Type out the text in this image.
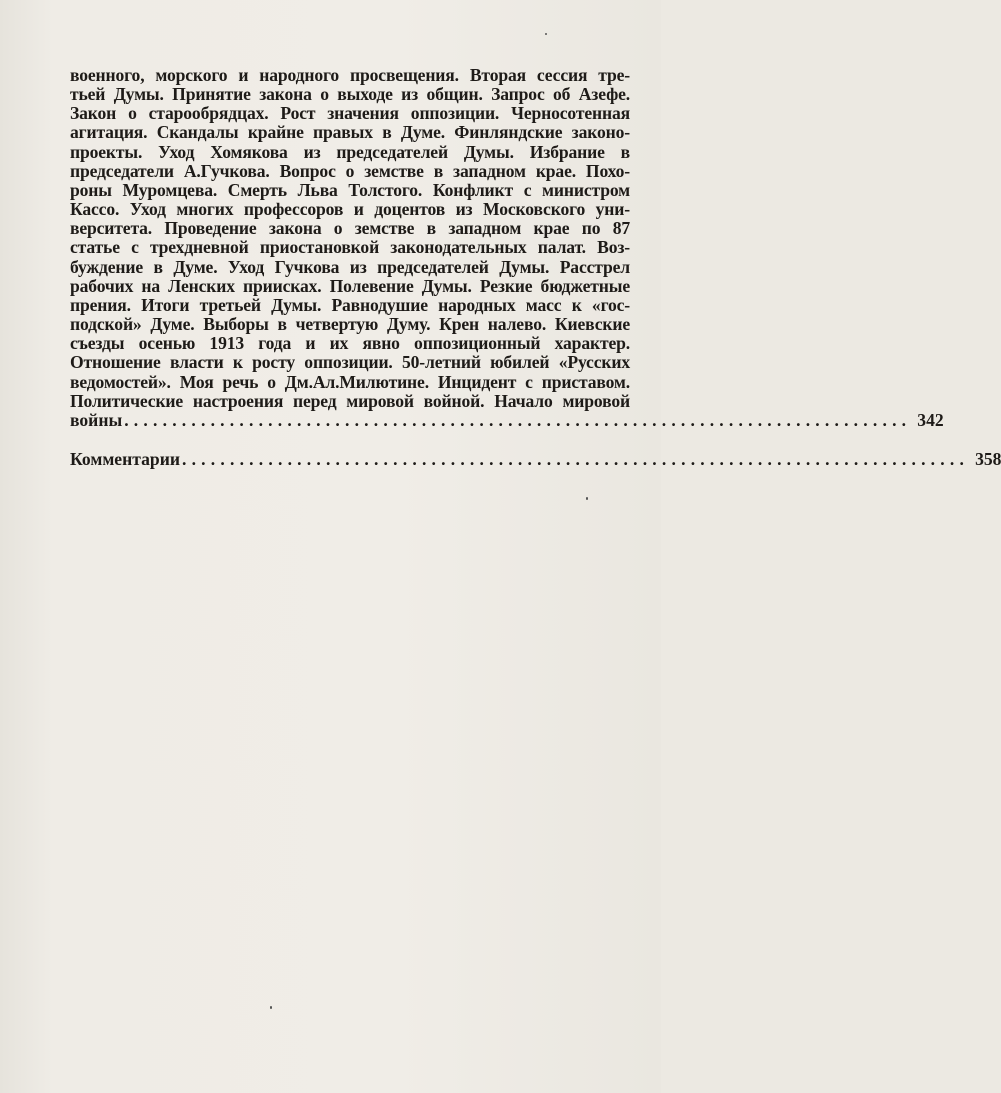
военного, морского и народного просвещения. Вторая сессия тре-
тьей Думы. Принятие закона о выходе из общин. Запрос об Азефе.
Закон о старообрядцах. Рост значения оппозиции. Черносотенная
агитация. Скандалы крайне правых в Думе. Финляндские законо-
проекты. Уход Хомякова из председателей Думы. Избрание в
председатели А.Гучкова. Вопрос о земстве в западном крае. Похо-
роны Муромцева. Смерть Льва Толстого. Конфликт с министром
Кассо. Уход многих профессоров и доцентов из Московского уни-
верситета. Проведение закона о земстве в западном крае по 87
статье с трехдневной приостановкой законодательных палат. Воз-
буждение в Думе. Уход Гучкова из председателей Думы. Расстрел
рабочих на Ленских приисках. Полевение Думы. Резкие бюджетные
прения. Итоги третьей Думы. Равнодушие народных масс к «гос-
подской» Думе. Выборы в четвертую Думу. Крен налево. Киевские
съезды осенью 1913 года и их явно оппозиционный характер.
Отношение власти к росту оппозиции. 50-летний юбилей «Русских
ведомостей». Моя речь о Дм.Ал.Милютине. Инцидент с приставом.
Политические настроения перед мировой войной. Начало мировой
войны .................................................................................. 342
Комментарии .................................................................................. 358
